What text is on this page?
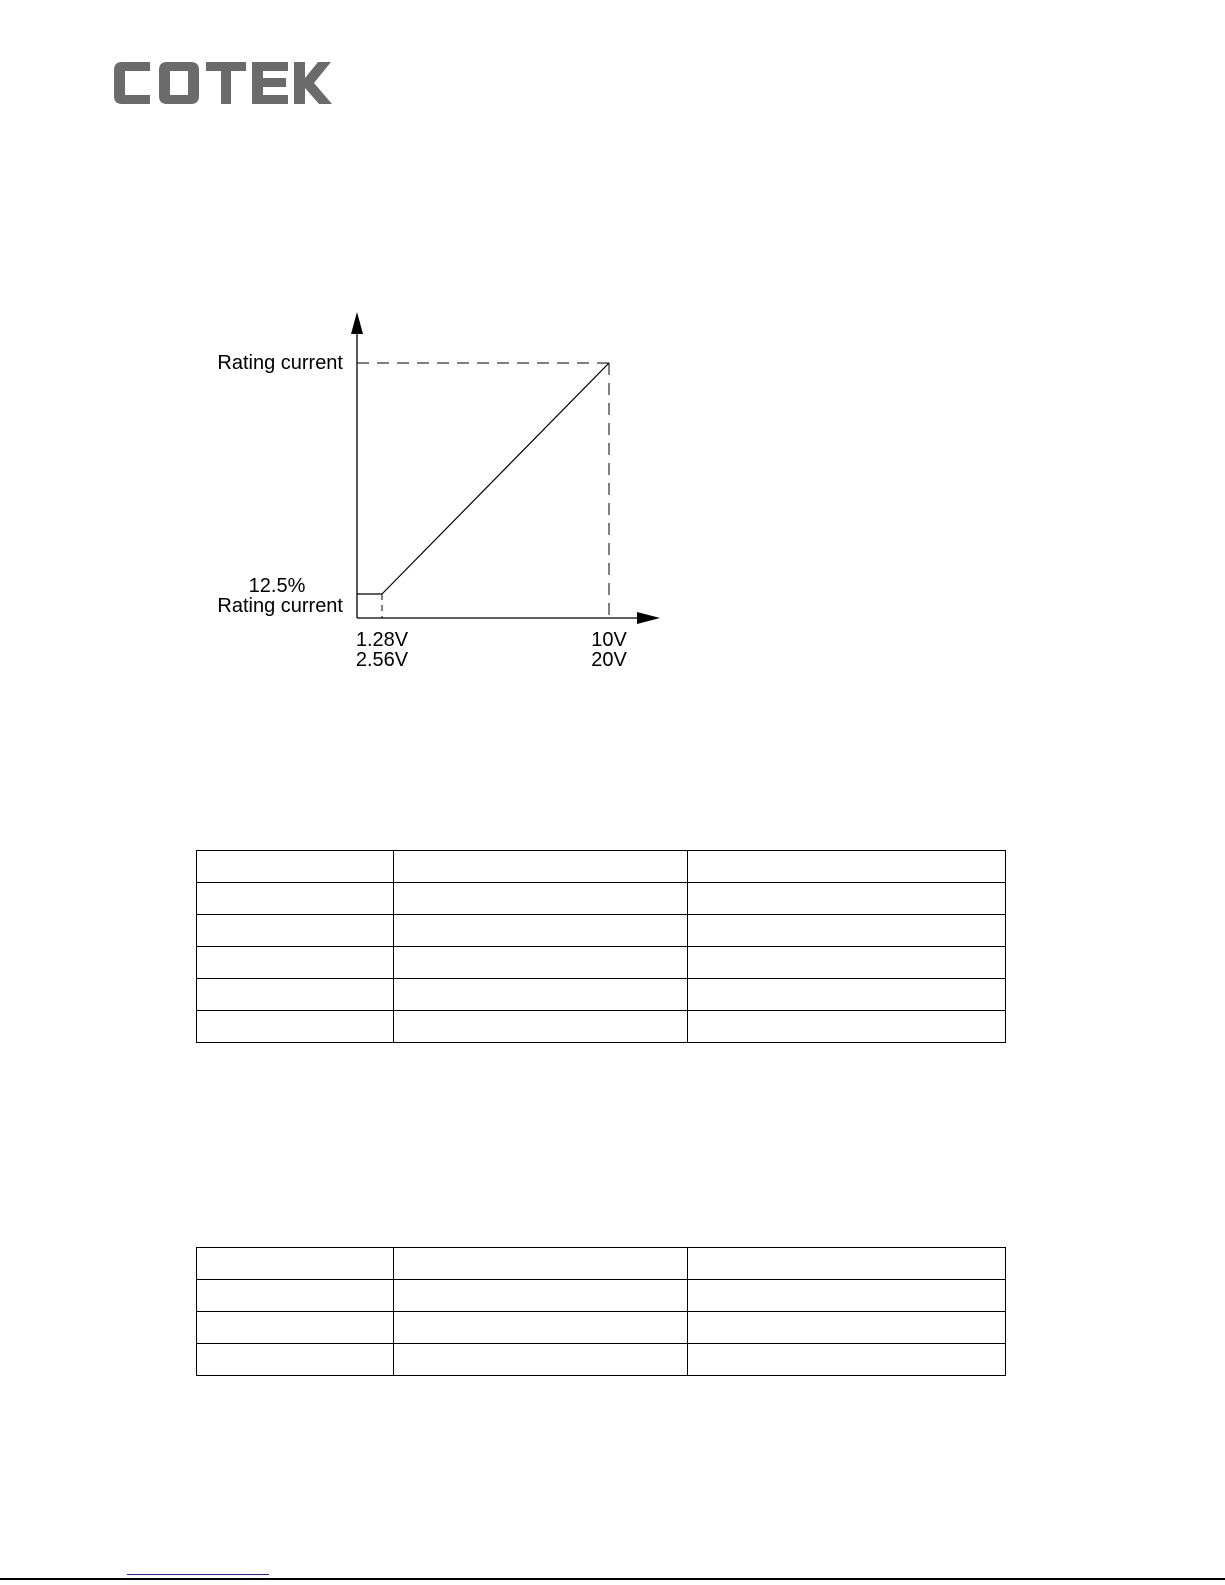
Rating current
12.5%
Rating current
1.28V
2.56V
10V
20V
